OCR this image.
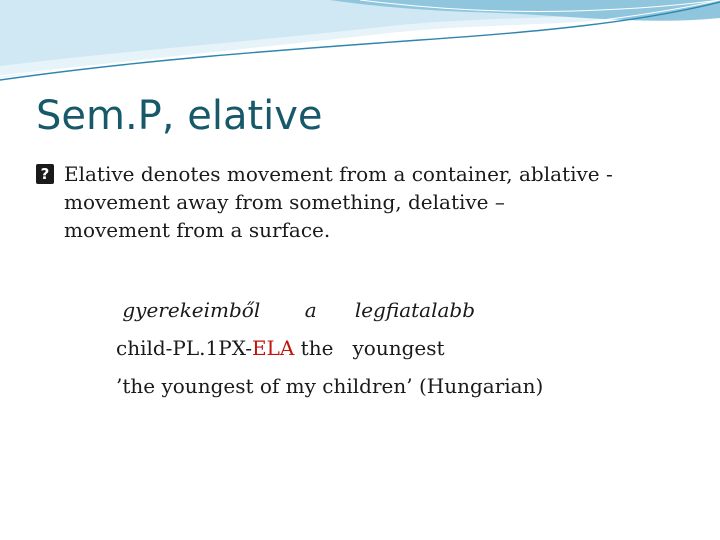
Sem.P, elative
?
Elative denotes movement from a container, ablative -
movement away from something, delative –
movement from a surface.
gyerekeimből       a      legfiatalabb
child-PL.1PX-ELA the   youngest
’the youngest of my children’ (Hungarian)
